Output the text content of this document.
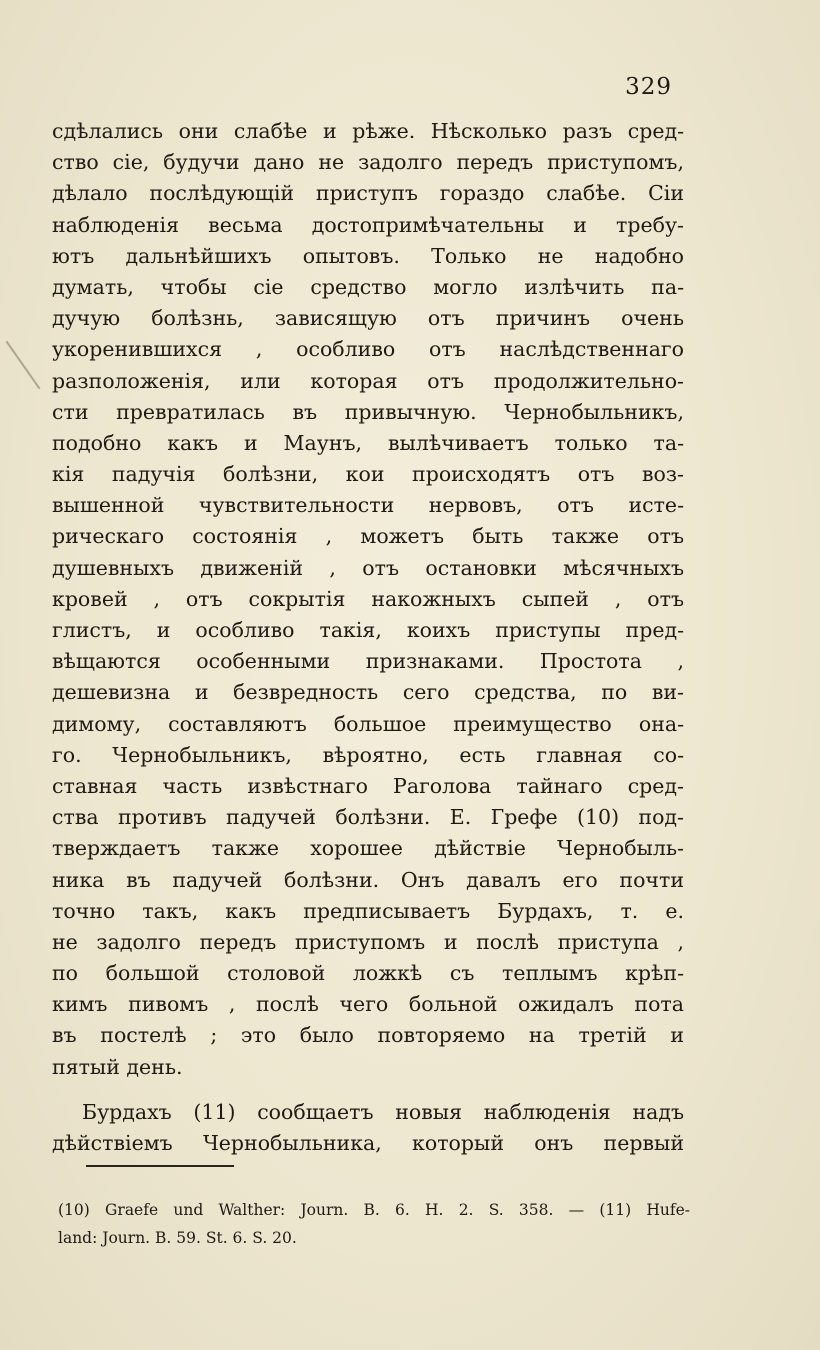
329
сдѣлались они слабѣе и рѣже. Нѣсколько разъ сред-
ство сіе, будучи дано не задолго передъ приступомъ,
дѣлало послѣдующій приступъ гораздо слабѣе. Сіи
наблюденія весьма достопримѣчательны и требу-
ютъ дальнѣйшихъ опытовъ. Только не надобно
думать, чтобы сіе средство могло излѣчить па-
дучую болѣзнь, зависящую отъ причинъ очень
укоренившихся , особливо отъ наслѣдственнаго
разположенія, или которая отъ продолжительно-
сти превратилась въ привычную. Чернобыльникъ,
подобно какъ и Маунъ, вылѣчиваетъ только та-
кія падучія болѣзни, кои происходятъ отъ воз-
вышенной чувствительности нервовъ, отъ исте-
рическаго состоянія , можетъ быть также отъ
душевныхъ движеній , отъ остановки мѣсячныхъ
кровей , отъ сокрытія накожныхъ сыпей , отъ
глистъ, и особливо такія, коихъ приступы пред-
вѣщаются особенными признаками. Простота ,
дешевизна и безвредность сего средства, по ви-
димому, составляютъ большое преимущество она-
го. Чернобыльникъ, вѣроятно, есть главная со-
ставная часть извѣстнаго Раголова тайнаго сред-
ства противъ падучей болѣзни. Е. Грефе (10) под-
тверждаетъ также хорошее дѣйствіе Чернобыль-
ника въ падучей болѣзни. Онъ давалъ его почти
точно такъ, какъ предписываетъ Бурдахъ, т. е.
не задолго передъ приступомъ и послѣ приступа ,
по большой столовой ложкѣ съ теплымъ крѣп-
кимъ пивомъ , послѣ чего больной ожидалъ пота
въ постелѣ ; это было повторяемо на третій и
пятый день.
Бурдахъ (11) сообщаетъ новыя наблюденія надъ
дѣйствіемъ Чернобыльника, который онъ первый
(10) Graefe und Walther: Journ. B. 6. H. 2. S. 358. — (11) Hufe-
land: Journ. B. 59. St. 6. S. 20.
